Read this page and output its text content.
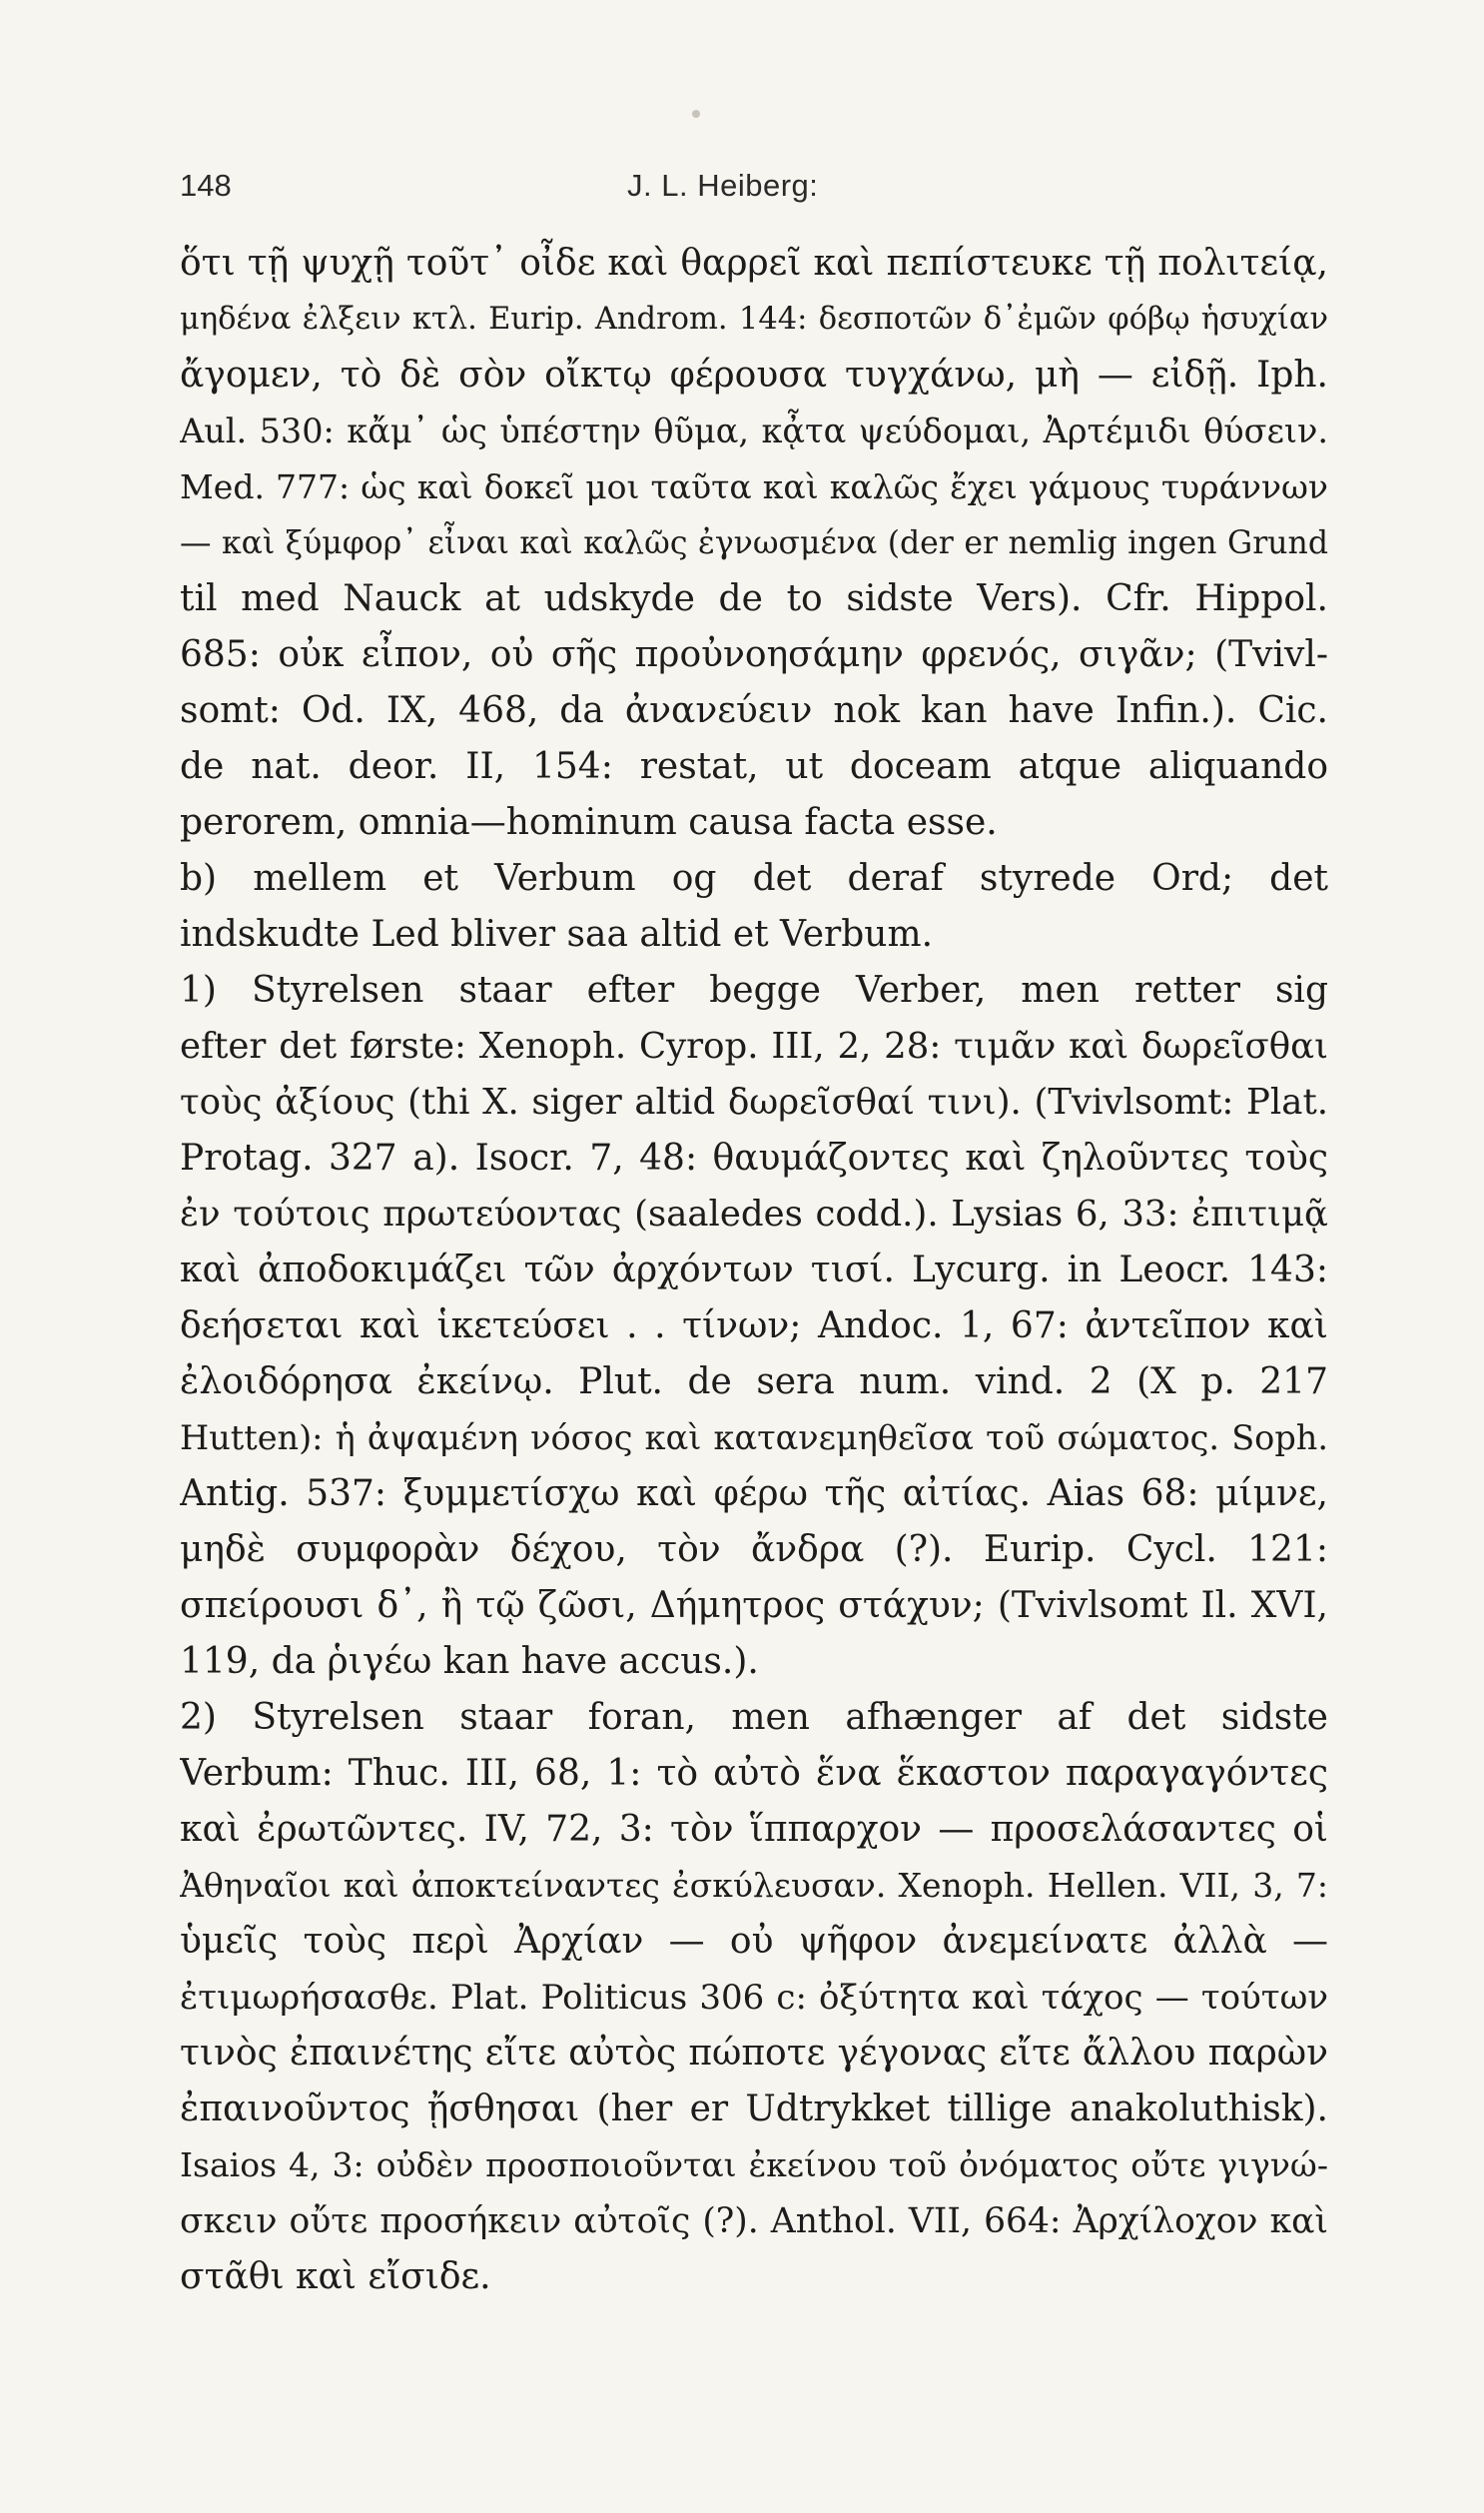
148	J. L. Heiberg:
ὅτι τῇ ψυχῇ τοῦτ᾽ οἶδε καὶ θαρρεῖ καὶ πεπίστευκε τῇ πολιτείᾳ,
μηδένα ἐλξειν κτλ. Eurip. Androm. 144: δεσποτῶν δ᾽ἐμῶν φόβῳ ἡσυχίαν
ἄγομεν, τὸ δὲ σὸν οἴκτῳ φέρουσα τυγχάνω, μὴ — εἰδῇ. Iph.
Aul. 530: κἄμ᾽ ὡς ὑπέστην θῦμα, κᾆτα ψεύδομαι, Ἀρτέμιδι θύσειν.
Med. 777: ὡς καὶ δοκεῖ μοι ταῦτα καὶ καλῶς ἔχει γάμους τυράννων
— καὶ ξύμφορ᾽ εἶναι καὶ καλῶς ἐγνωσμένα (der er nemlig ingen Grund
til med Nauck at udskyde de to sidste Vers). Cfr. Hippol.
685: οὐκ εἶπον, οὐ σῆς προὐνοησάμην φρενός, σιγᾶν; (Tvivl-
somt: Od. IX, 468, da ἀνανεύειν nok kan have Infin.). Cic.
de nat. deor. II, 154: restat, ut doceam atque aliquando
perorem, omnia—hominum causa facta esse.
b) mellem et Verbum og det deraf styrede Ord; det
indskudte Led bliver saa altid et Verbum.
1) Styrelsen staar efter begge Verber, men retter sig
efter det første: Xenoph. Cyrop. III, 2, 28: τιμᾶν καὶ δωρεῖσθαι
τοὺς ἀξίους (thi X. siger altid δωρεῖσθαί τινι). (Tvivlsomt: Plat.
Protag. 327 a). Isocr. 7, 48: θαυμάζοντες καὶ ζηλοῦντες τοὺς
ἐν τούτοις πρωτεύοντας (saaledes codd.). Lysias 6, 33: ἐπιτιμᾷ
καὶ ἀποδοκιμάζει τῶν ἀρχόντων τισί. Lycurg. in Leocr. 143:
δεήσεται καὶ ἱκετεύσει . . τίνων; Andoc. 1, 67: ἀντεῖπον καὶ
ἐλοιδόρησα ἐκείνῳ. Plut. de sera num. vind. 2 (X p. 217
Hutten): ἡ ἀψαμένη νόσος καὶ κατανεμηθεῖσα τοῦ σώματος. Soph.
Antig. 537: ξυμμετίσχω καὶ φέρω τῆς αἰτίας. Aias 68: μίμνε,
μηδὲ συμφορὰν δέχου, τὸν ἄνδρα (?). Eurip. Cycl. 121:
σπείρουσι δ᾽, ἢ τῷ ζῶσι, Δήμητρος στάχυν; (Tvivlsomt Il. XVI,
119, da ῥιγέω kan have accus.).
2) Styrelsen staar foran, men afhænger af det sidste
Verbum: Thuc. III, 68, 1: τὸ αὐτὸ ἕνα ἕκαστον παραγαγόντες
καὶ ἐρωτῶντες. IV, 72, 3: τὸν ἵππαρχον — προσελάσαντες οἱ
Ἀθηναῖοι καὶ ἀποκτείναντες ἐσκύλευσαν. Xenoph. Hellen. VII, 3, 7:
ὑμεῖς τοὺς περὶ Ἀρχίαν — οὐ ψῆφον ἀνεμείνατε ἀλλὰ —
ἐτιμωρήσασθε. Plat. Politicus 306 c: ὀξύτητα καὶ τάχος — τούτων
τινὸς ἐπαινέτης εἴτε αὐτὸς πώποτε γέγονας εἴτε ἄλλου παρὼν
ἐπαινοῦντος ᾔσθησαι (her er Udtrykket tillige anakoluthisk).
Isaios 4, 3: οὐδὲν προσποιοῦνται ἐκείνου τοῦ ὀνόματος οὔτε γιγνώ-
σκειν οὔτε προσήκειν αὐτοῖς (?). Anthol. VII, 664: Ἀρχίλοχον καὶ
στᾶθι καὶ εἴσιδε.
